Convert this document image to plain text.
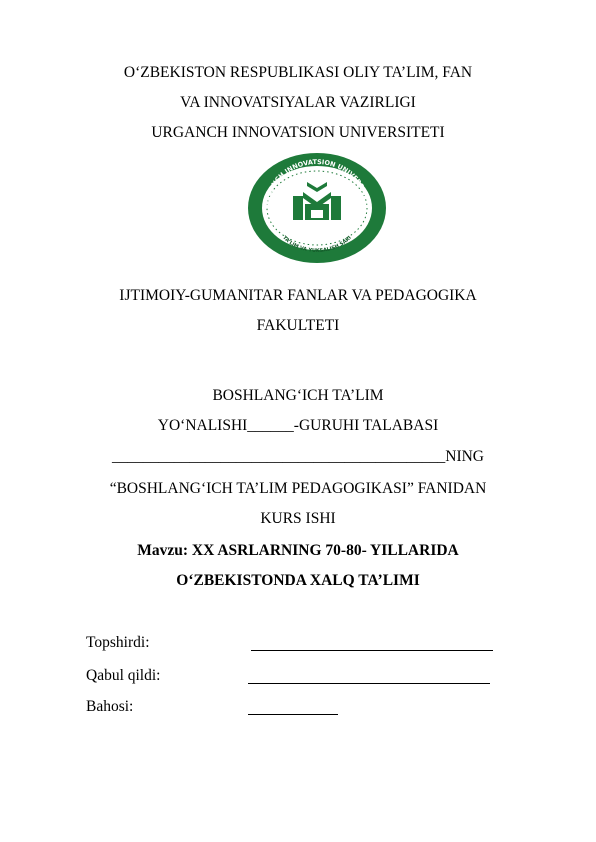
O‘ZBEKISTON RESPUBLIKASI OLIY TA’LIM, FAN
VA INNOVATSIYALAR VAZIRLIGI
URGANCH INNOVATSION UNIVERSITETI
URGANCH INNOVATSION UNIVERSITETI
TA’LIM VA YUKSALISH SARI
IJTIMOIY-GUMANITAR FANLAR VA PEDAGOGIKA
FAKULTETI
BOSHLANG‘ICH TA’LIM
YO‘NALISHI______-GURUHI TALABASI
___________________________________________NING
“BOSHLANG‘ICH TA’LIM PEDAGOGIKASI” FANIDAN
KURS ISHI
Mavzu: XX ASRLARNING 70-80- YILLARIDA
O‘ZBEKISTONDA XALQ TA’LIMI
Topshirdi:
Qabul qildi:
Bahosi:
